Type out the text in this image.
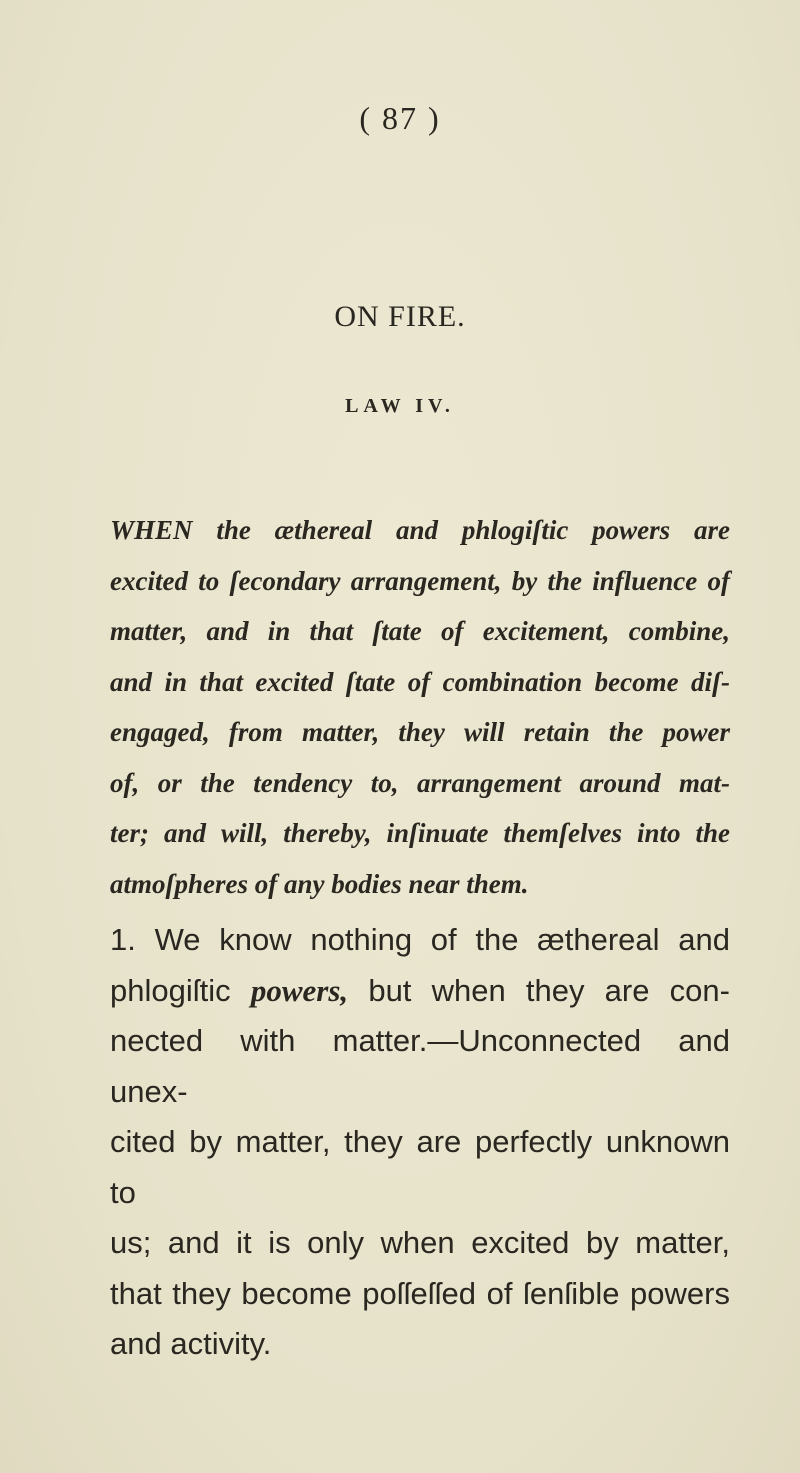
( 87 )
ON FIRE.
LAW IV.
WHEN the æthereal and phlogiſtic powers are
excited to ſecondary arrangement, by the influence of
matter, and in that ſtate of excitement, combine,
and in that excited ſtate of combination become diſ-
engaged, from matter, they will retain the power
of, or the tendency to, arrangement around mat-
ter; and will, thereby, inſinuate themſelves into the
atmoſpheres of any bodies near them.
1. We know nothing of the æthereal and
phlogiſtic powers, but when they are con-
nected with matter.—Unconnected and unex-
cited by matter, they are perfectly unknown to
us; and it is only when excited by matter,
that they become poſſeſſed of ſenſible powers
and activity.
